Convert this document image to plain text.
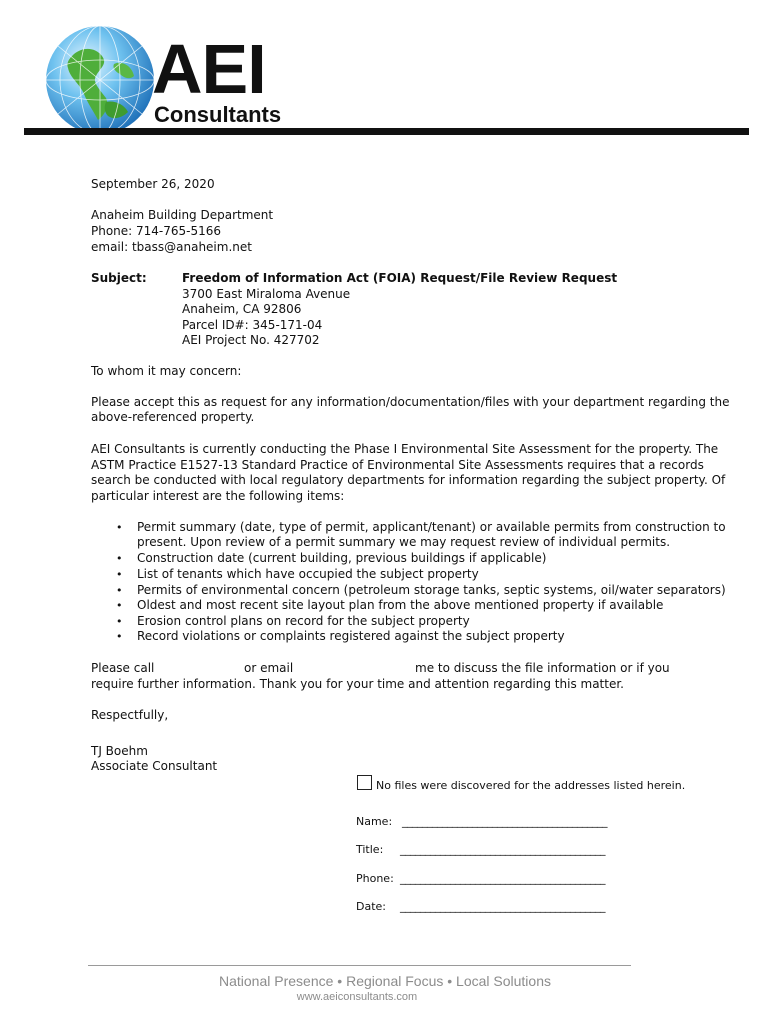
AEI
Consultants
September 26, 2020
Anaheim Building Department
Phone: 714-765-5166
email: tbass@anaheim.net
Subject:	Freedom of Information Act (FOIA) Request/File Review Request
3700 East Miraloma Avenue
Anaheim, CA 92806
Parcel ID#: 345-171-04
AEI Project No. 427702
To whom it may concern:
Please accept this as request for any information/documentation/files with your department regarding the
above-referenced property.
AEI Consultants is currently conducting the Phase I Environmental Site Assessment for the property. The
ASTM Practice E1527-13 Standard Practice of Environmental Site Assessments requires that a records
search be conducted with local regulatory departments for information regarding the subject property. Of
particular interest are the following items:
• Permit summary (date, type of permit, applicant/tenant) or available permits from construction to
present. Upon review of a permit summary we may request review of individual permits.
• Construction date (current building, previous buildings if applicable)
• List of tenants which have occupied the subject property
• Permits of environmental concern (petroleum storage tanks, septic systems, oil/water separators)
• Oldest and most recent site layout plan from the above mentioned property if available
• Erosion control plans on record for the subject property
• Record violations or complaints registered against the subject property
Please call	or email	me to discuss the file information or if you
require further information. Thank you for your time and attention regarding this matter.
Respectfully,
TJ Boehm
Associate Consultant
No files were discovered for the addresses listed herein.
Name: _________________________________________
Title: _________________________________________
Phone: _________________________________________
Date: _________________________________________
National Presence • Regional Focus • Local Solutions
www.aeiconsultants.com
